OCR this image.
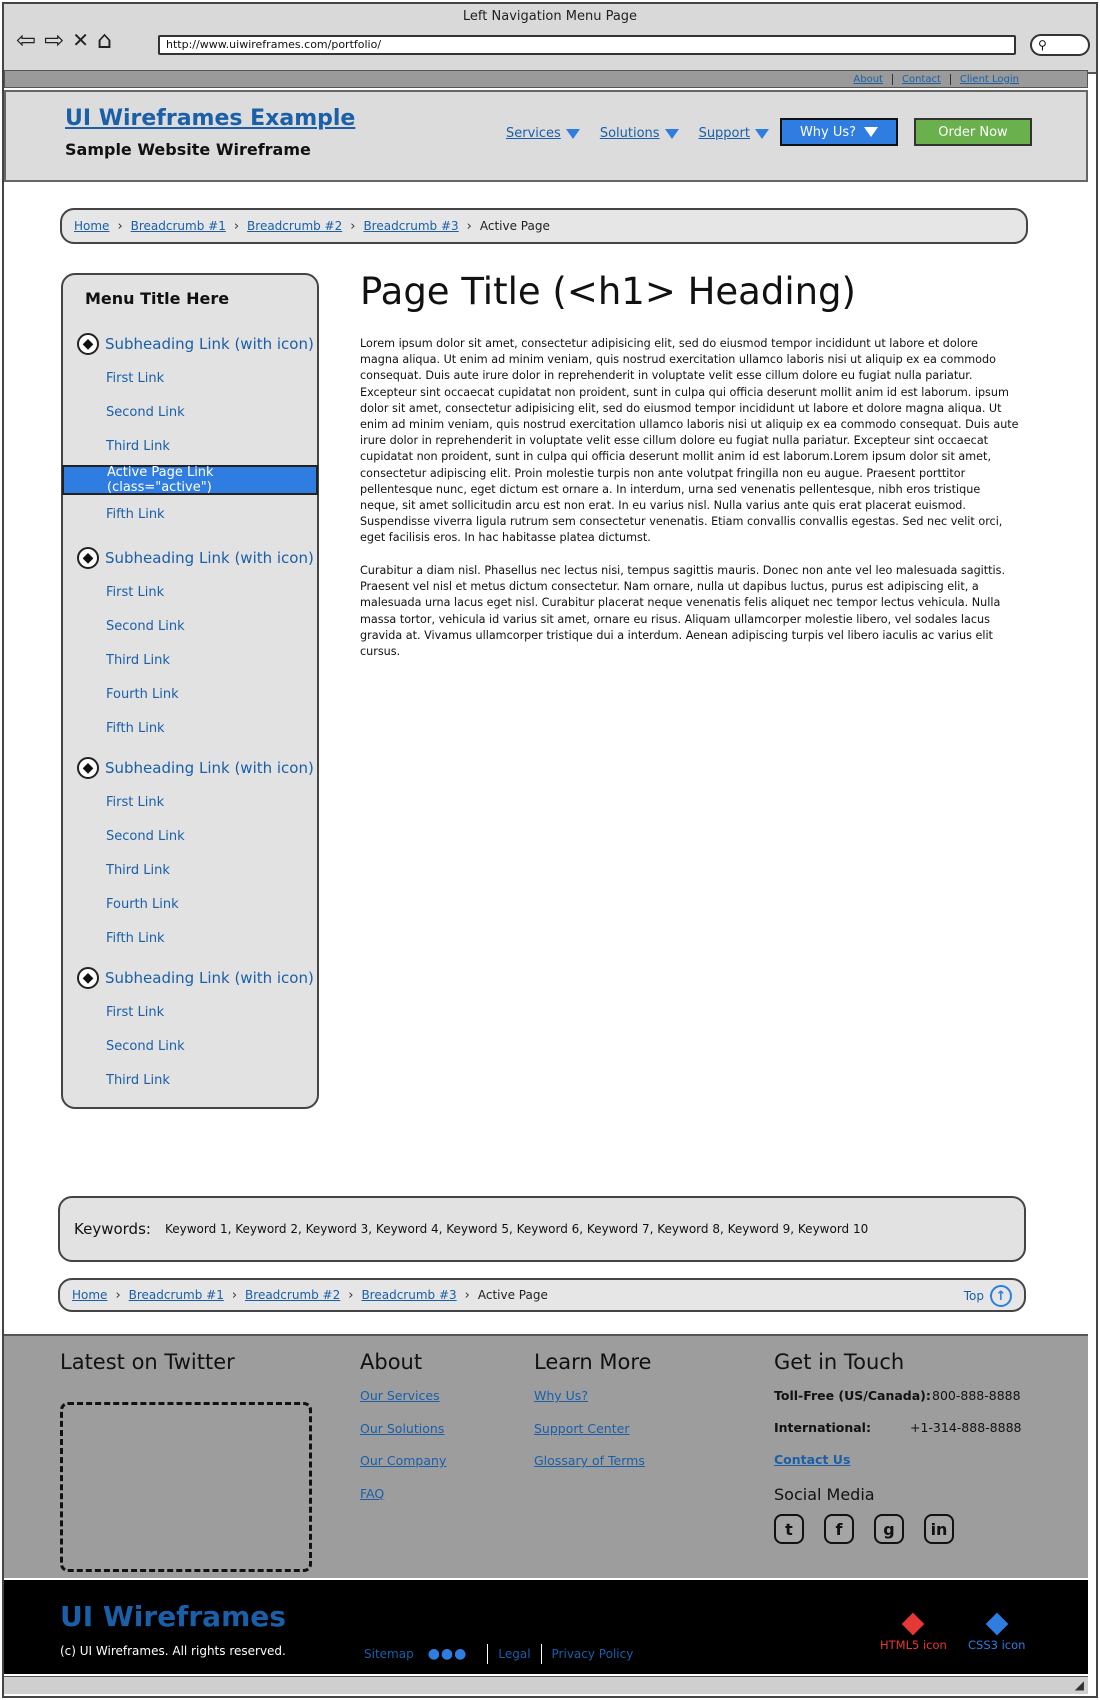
Left Navigation Menu Page
⇦ ⇨ ✕ ⌂	http://www.uiwireframes.com/portfolio/	⚲
About	Contact	Client Login
UI Wireframes Example
Sample Website Wireframe
Services	Solutions	Support	Why Us?	Order Now
Home › Breadcrumb #1 › Breadcrumb #2 › Breadcrumb #3 › Active Page
Menu Title Here
◆ Subheading Link (with icon)
First Link
Second Link
Third Link
Active Page Link (class="active")
Fifth Link
◆ Subheading Link (with icon)
First Link
Second Link
Third Link
Fourth Link
Fifth Link
◆ Subheading Link (with icon)
First Link
Second Link
Third Link
Fourth Link
Fifth Link
◆ Subheading Link (with icon)
First Link
Second Link
Third Link
Page Title (<h1> Heading)

Lorem ipsum dolor sit amet, consectetur adipisicing elit, sed do eiusmod tempor incididunt ut labore et dolore magna aliqua. Ut enim ad minim veniam, quis nostrud exercitation ullamco laboris nisi ut aliquip ex ea commodo consequat. Duis aute irure dolor in reprehenderit in voluptate velit esse cillum dolore eu fugiat nulla pariatur. Excepteur sint occaecat cupidatat non proident, sunt in culpa qui officia deserunt mollit anim id est laborum. ipsum dolor sit amet, consectetur adipisicing elit, sed do eiusmod tempor incididunt ut labore et dolore magna aliqua. Ut enim ad minim veniam, quis nostrud exercitation ullamco laboris nisi ut aliquip ex ea commodo consequat. Duis aute irure dolor in reprehenderit in voluptate velit esse cillum dolore eu fugiat nulla pariatur. Excepteur sint occaecat cupidatat non proident, sunt in culpa qui officia deserunt mollit anim id est laborum.Lorem ipsum dolor sit amet, consectetur adipiscing elit. Proin molestie turpis non ante volutpat fringilla non eu augue. Praesent porttitor pellentesque nunc, eget dictum est ornare a. In interdum, urna sed venenatis pellentesque, nibh eros tristique neque, sit amet sollicitudin arcu est non erat. In eu varius nisl. Nulla varius ante quis erat placerat euismod. Suspendisse viverra ligula rutrum sem consectetur venenatis. Etiam convallis convallis egestas. Sed nec velit orci, eget facilisis eros. In hac habitasse platea dictumst.

Curabitur a diam nisl. Phasellus nec lectus nisi, tempus sagittis mauris. Donec non ante vel leo malesuada sagittis. Praesent vel nisl et metus dictum consectetur. Nam ornare, nulla ut dapibus luctus, purus est adipiscing elit, a malesuada urna lacus eget nisl. Curabitur placerat neque venenatis felis aliquet nec tempor lectus vehicula. Nulla massa tortor, vehicula id varius sit amet, ornare eu risus. Aliquam ullamcorper molestie libero, vel sodales lacus gravida at. Vivamus ullamcorper tristique dui a interdum. Aenean adipiscing turpis vel libero iaculis ac varius elit cursus.

Keywords: Keyword 1, Keyword 2, Keyword 3, Keyword 4, Keyword 5, Keyword 6, Keyword 7, Keyword 8, Keyword 9, Keyword 10
Home › Breadcrumb #1 › Breadcrumb #2 › Breadcrumb #3 › Active Page	Top ↑
Latest on Twitter	About
Our Services
Our Solutions
Our Company
FAQ
Learn More
Why Us?
Support Center
Glossary of Terms
Get in Touch
Toll-Free (US/Canada): 800-888-8888
International:	+1-314-888-8888
Contact Us
Social Media
t	f	g	in
UI Wireframes
(c) UI Wireframes. All rights reserved.	Sitemap ●●●	Legal Privacy Policy
HTML5 icon CSS3 icon
◢
